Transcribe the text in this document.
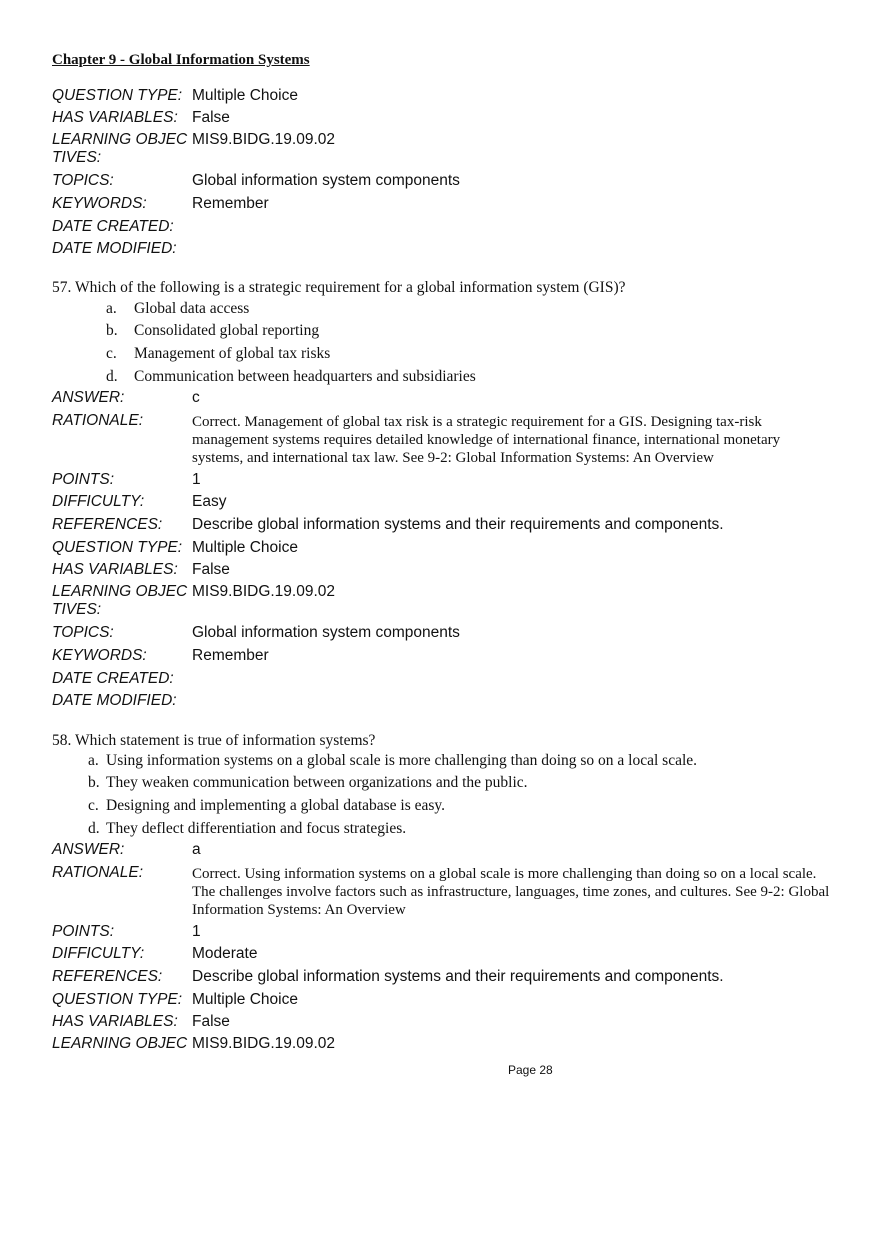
Chapter 9 - Global Information Systems
QUESTION TYPE: Multiple Choice
HAS VARIABLES: False
LEARNING OBJEC
TIVES:
MIS9.BIDG.19.09.02
TOPICS:	Global information system components
KEYWORDS:	Remember
DATE CREATED:
DATE MODIFIED:
57. Which of the following is a strategic requirement for a global information system (GIS)?
a. Global data access
b. Consolidated global reporting
c. Management of global tax risks
d. Communication between headquarters and subsidiaries
ANSWER:	c
RATIONALE:	Correct. Management of global tax risk is a strategic requirement for a GIS. Designing tax-risk management systems requires detailed knowledge of international finance, international monetary systems, and international tax law. See 9-2: Global Information Systems: An Overview
POINTS:	1
DIFFICULTY:	Easy
REFERENCES: Describe global information systems and their requirements and components.
QUESTION TYPE: Multiple Choice
HAS VARIABLES: False
LEARNING OBJEC
TIVES:
MIS9.BIDG.19.09.02
TOPICS:	Global information system components
KEYWORDS:	Remember
DATE CREATED:
DATE MODIFIED:
58. Which statement is true of information systems?
a. Using information systems on a global scale is more challenging than doing so on a local scale.
b. They weaken communication between organizations and the public.
c. Designing and implementing a global database is easy.
d. They deflect differentiation and focus strategies.
ANSWER:	a
RATIONALE:	Correct. Using information systems on a global scale is more challenging than doing so on a local scale. The challenges involve factors such as infrastructure, languages, time zones, and cultures. See 9-2: Global Information Systems: An Overview
POINTS:	1
DIFFICULTY:	Moderate
REFERENCES: Describe global information systems and their requirements and components.
QUESTION TYPE: Multiple Choice
HAS VARIABLES: False
LEARNING OBJEC MIS9.BIDG.19.09.02
Page 28
